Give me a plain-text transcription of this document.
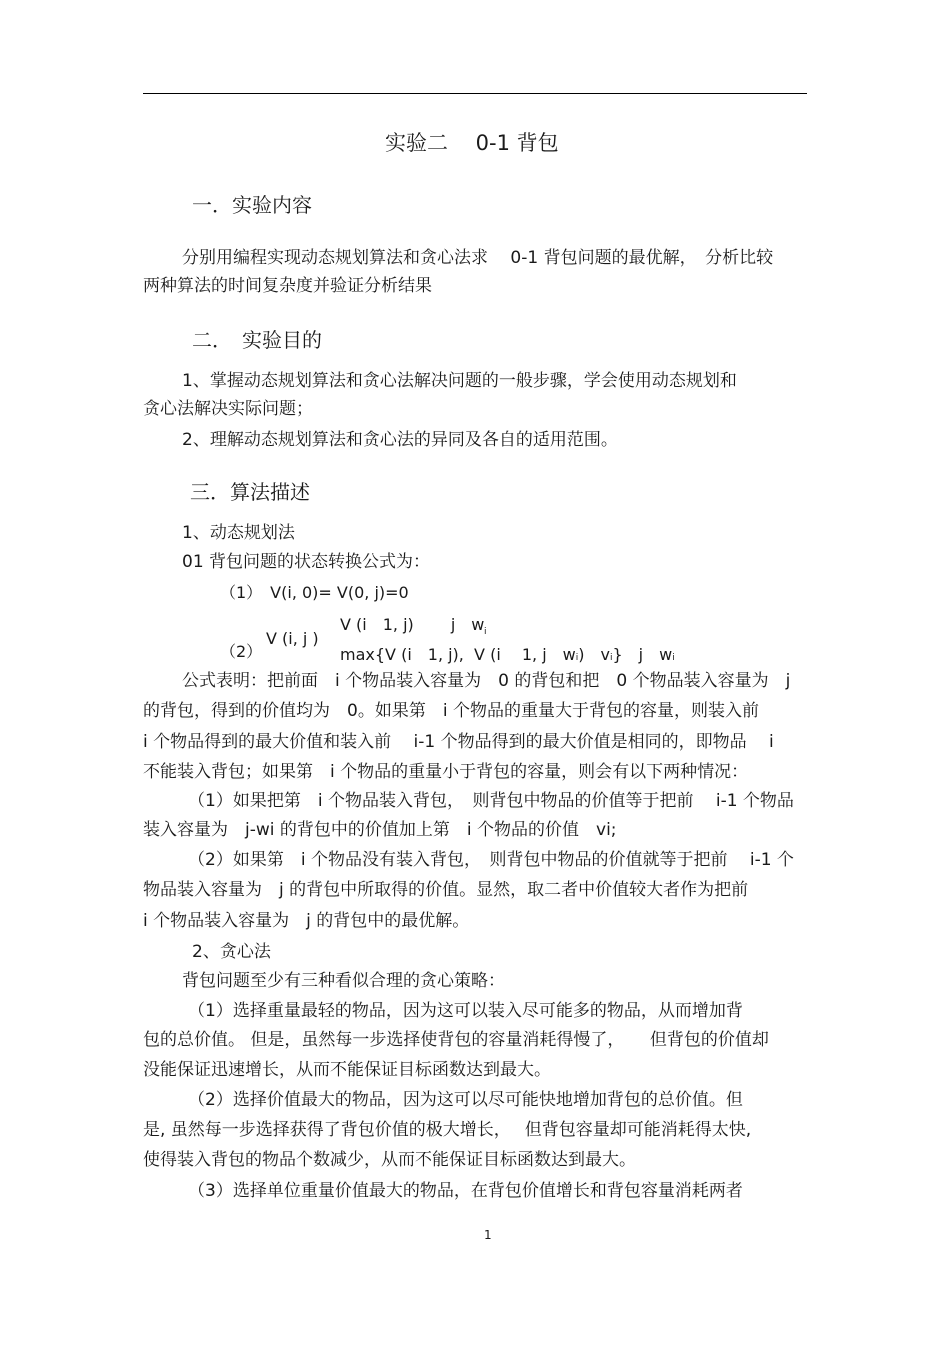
实验二　 0-1 背包
一．实验内容
分别用编程实现动态规划算法和贪心法求　 0-1 背包问题的最优解，　分析比较
两种算法的时间复杂度并验证分析结果
二．　实验目的
1、掌握动态规划算法和贪心法解决问题的一般步骤，学会使用动态规划和
贪心法解决实际问题；
2、理解动态规划算法和贪心法的异同及各自的适用范围。
三．算法描述
1、动态规划法
01 背包问题的状态转换公式为：
（1）　V(i, 0)= V(0, j)=0
V (i, j )
V (i　1, j)　　 j　w i
（2）	max{V (i　1, j),  V (i　 1, j　wi)　vi}　j　wi
公式表明：把前面　i 个物品装入容量为　0 的背包和把　0 个物品装入容量为　j
的背包，得到的价值均为　0。如果第　i 个物品的重量大于背包的容量，则装入前
i 个物品得到的最大价值和装入前　 i-1 个物品得到的最大价值是相同的，即物品　 i
不能装入背包；如果第　i 个物品的重量小于背包的容量，则会有以下两种情况：
（1）如果把第　i 个物品装入背包，　则背包中物品的价值等于把前　 i-1 个物品
装入容量为　j-wi 的背包中的价值加上第　i 个物品的价值　vi;
（2）如果第　i 个物品没有装入背包，　则背包中物品的价值就等于把前　 i-1 个
物品装入容量为　j 的背包中所取得的价值。显然，取二者中价值较大者作为把前
i 个物品装入容量为　j 的背包中的最优解。
2、贪心法
背包问题至少有三种看似合理的贪心策略：
（1）选择重量最轻的物品，因为这可以装入尽可能多的物品，从而增加背
包的总价值。 但是，虽然每一步选择使背包的容量消耗得慢了，　　但背包的价值却
没能保证迅速增长，从而不能保证目标函数达到最大。
（2）选择价值最大的物品，因为这可以尽可能快地增加背包的总价值。但
是, 虽然每一步选择获得了背包价值的极大增长，　 但背包容量却可能消耗得太快,
使得装入背包的物品个数减少，从而不能保证目标函数达到最大。
（3）选择单位重量价值最大的物品，在背包价值增长和背包容量消耗两者
1
